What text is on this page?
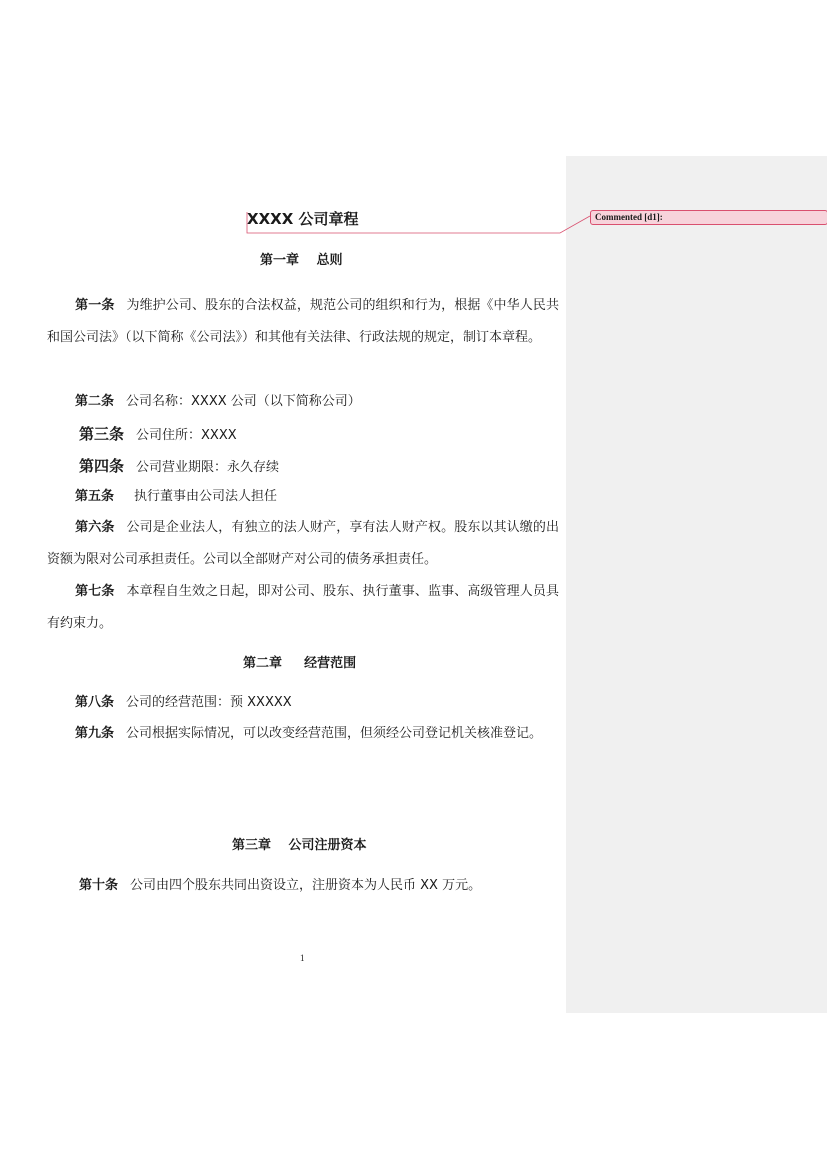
Commented [d1]:
XXXX 公司章程
第一章　 总则
第一条 为维护公司、股东的合法权益，规范公司的组织和行为，根据《中华人民共和国公司法》（以下简称《公司法》）和其他有关法律、行政法规的规定，制订本章程。
第二条 公司名称：XXXX 公司（以下简称公司）
第三条 公司住所：XXXX
第四条 公司营业期限：永久存续
第五条 执行董事由公司法人担任
第六条 公司是企业法人，有独立的法人财产，享有法人财产权。股东以其认缴的出资额为限对公司承担责任。公司以全部财产对公司的债务承担责任。
第七条 本章程自生效之日起，即对公司、股东、执行董事、监事、高级管理人员具有约束力。
第二章　 经营范围
第八条 公司的经营范围：预 XXXXX
第九条 公司根据实际情况，可以改变经营范围，但须经公司登记机关核准登记。
第三章　 公司注册资本
第十条 公司由四个股东共同出资设立，注册资本为人民币 XX 万元。
1
